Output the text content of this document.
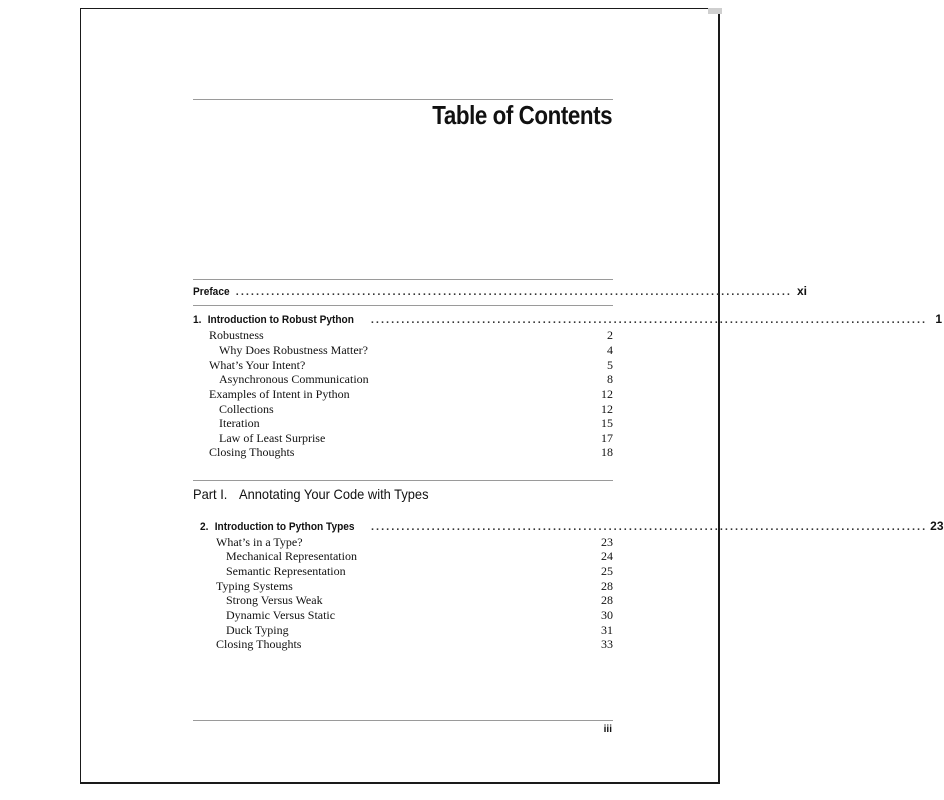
Table of Contents
Preface .............................................................................................................. xi
1. Introduction to Robust Python .............................................................................................................. 1
Robustness	2
Why Does Robustness Matter?	4
What’s Your Intent?	5
Asynchronous Communication	8
Examples of Intent in Python	12
Collections	12
Iteration	15
Law of Least Surprise	17
Closing Thoughts	18
Part I. Annotating Your Code with Types
2. Introduction to Python Types .............................................................................................................. 23
What’s in a Type?	23
Mechanical Representation	24
Semantic Representation	25
Typing Systems	28
Strong Versus Weak	28
Dynamic Versus Static	30
Duck Typing	31
Closing Thoughts	33
iii
